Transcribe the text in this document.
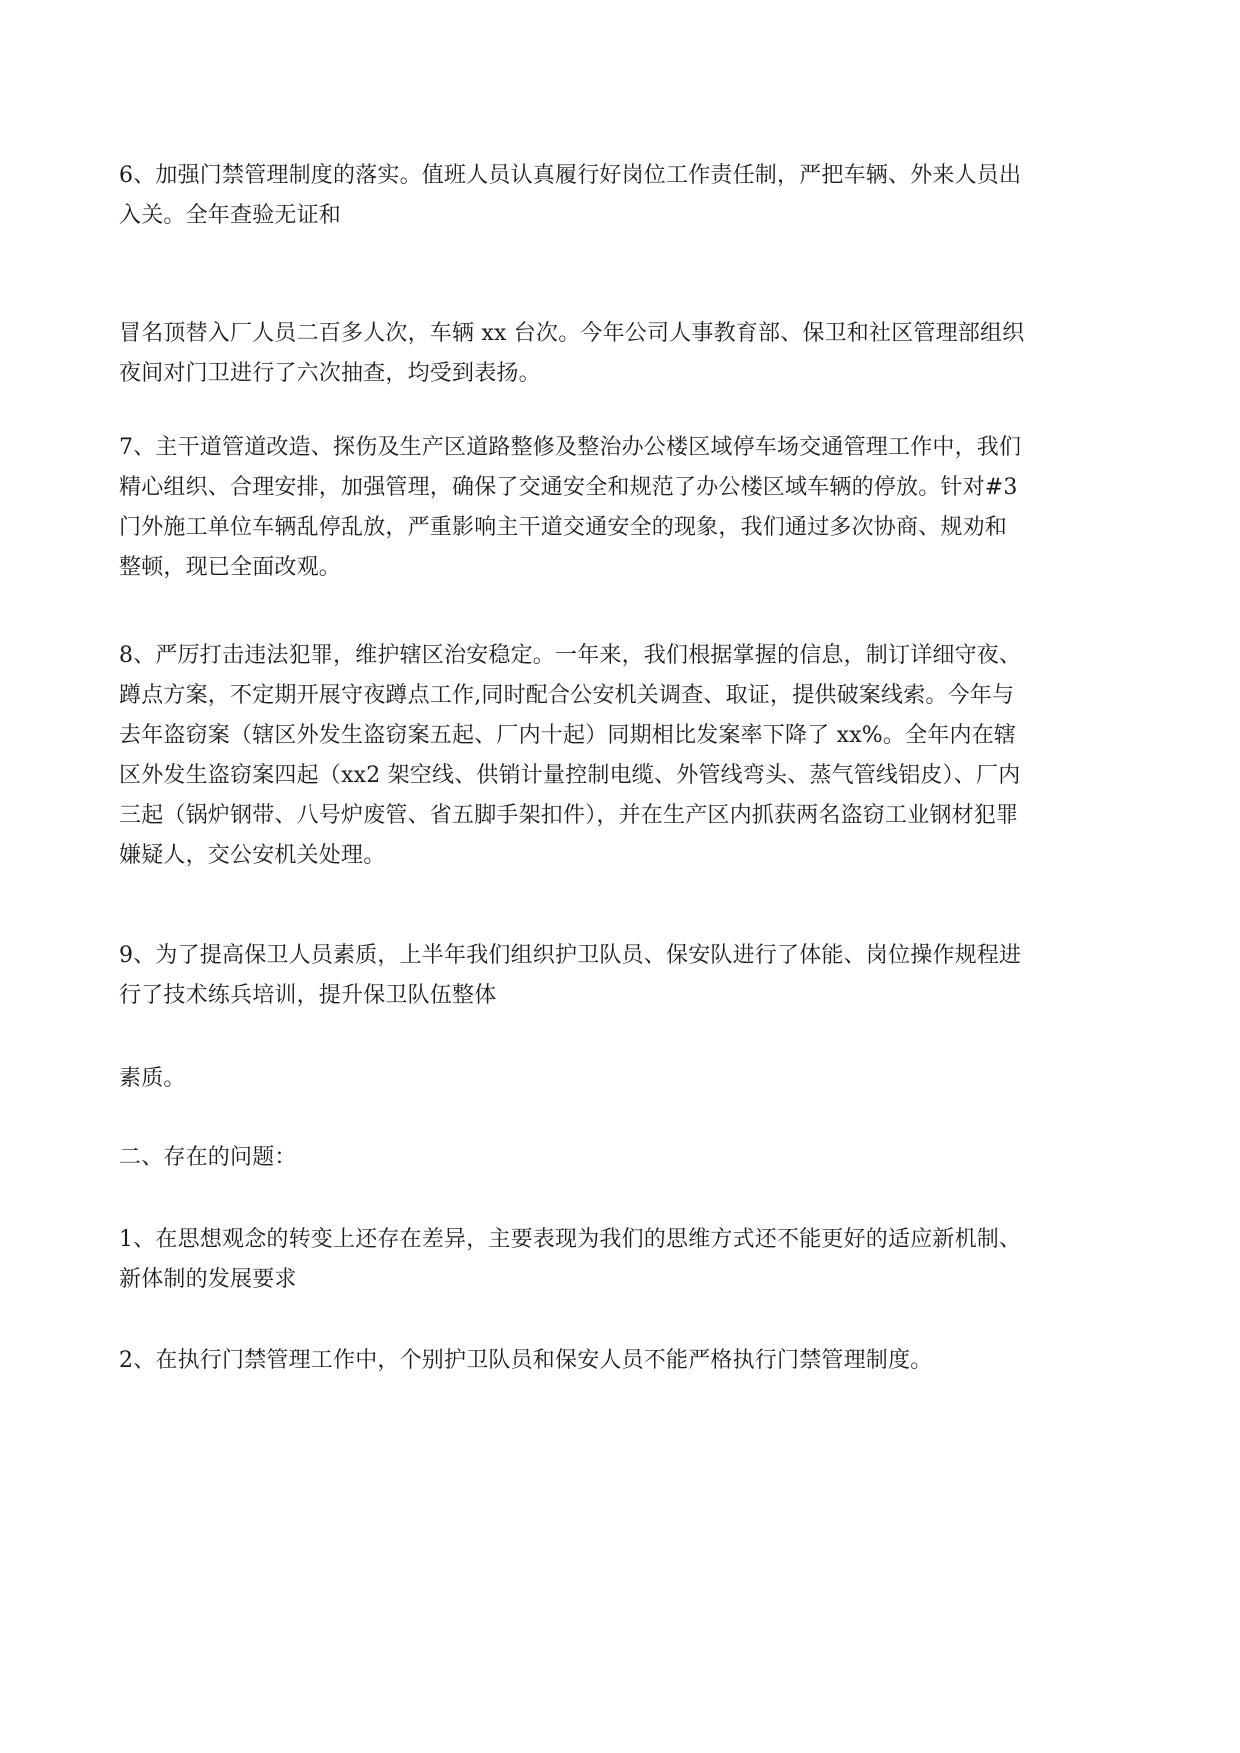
6、加强门禁管理制度的落实。值班人员认真履行好岗位工作责任制，严把车辆、外来人员出
入关。全年查验无证和

冒名顶替入厂人员二百多人次，车辆 xx 台次。今年公司人事教育部、保卫和社区管理部组织
夜间对门卫进行了六次抽查，均受到表扬。

7、主干道管道改造、探伤及生产区道路整修及整治办公楼区域停车场交通管理工作中，我们
精心组织、合理安排，加强管理，确保了交通安全和规范了办公楼区域车辆的停放。针对#3
门外施工单位车辆乱停乱放，严重影响主干道交通安全的现象，我们通过多次协商、规劝和
整顿，现已全面改观。

8、严厉打击违法犯罪，维护辖区治安稳定。一年来，我们根据掌握的信息，制订详细守夜、
蹲点方案，不定期开展守夜蹲点工作,同时配合公安机关调查、取证，提供破案线索。今年与
去年盗窃案（辖区外发生盗窃案五起、厂内十起）同期相比发案率下降了 xx%。全年内在辖
区外发生盗窃案四起（xx2 架空线、供销计量控制电缆、外管线弯头、蒸气管线铝皮）、厂内
三起（锅炉钢带、八号炉废管、省五脚手架扣件），并在生产区内抓获两名盗窃工业钢材犯罪
嫌疑人，交公安机关处理。

9、为了提高保卫人员素质，上半年我们组织护卫队员、保安队进行了体能、岗位操作规程进
行了技术练兵培训，提升保卫队伍整体

素质。

二、存在的问题：

1、在思想观念的转变上还存在差异，主要表现为我们的思维方式还不能更好的适应新机制、
新体制的发展要求

2、在执行门禁管理工作中，个别护卫队员和保安人员不能严格执行门禁管理制度。
